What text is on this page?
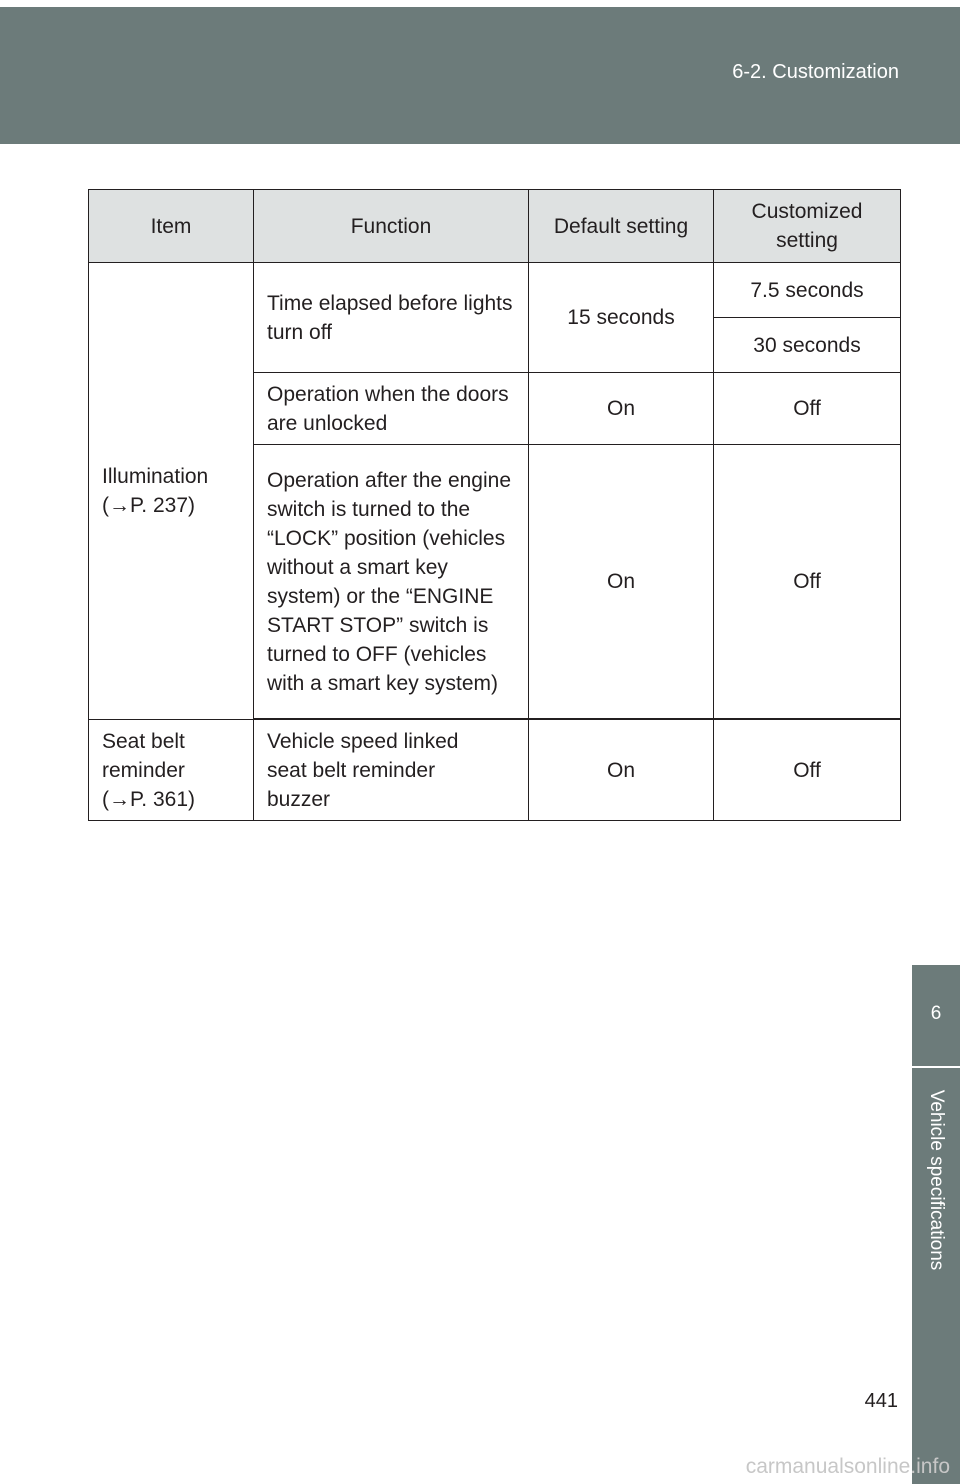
6-2. Customization
6
Vehicle specifications
Item	Function	Default setting	Customized setting

Illumination
(→P. 237)	Time elapsed before lights turn off	15 seconds	7.5 seconds
			30 seconds
	Operation when the doors are unlocked	On	Off
	Operation after the engine switch is turned to the “LOCK” position (vehicles without a smart key system) or the “ENGINE START STOP” switch is turned to OFF (vehicles with a smart key system)	On	Off

Seat belt reminder
(→P. 361)	Vehicle speed linked seat belt reminder buzzer	On	Off
441
carmanualsonline.info
